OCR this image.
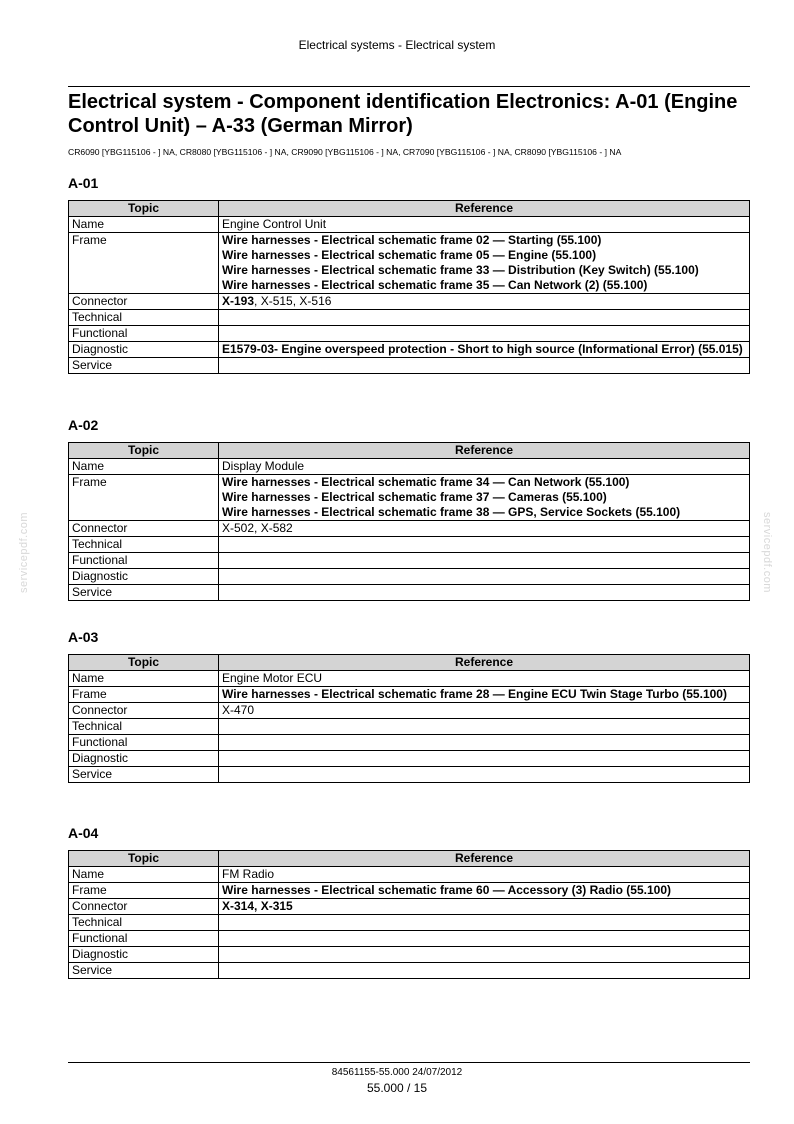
Electrical systems - Electrical system
Electrical system - Component identification Electronics: A-01 (Engine Control Unit) – A-33 (German Mirror)
CR6090 [YBG115106 - ] NA, CR8080 [YBG115106 - ] NA, CR9090 [YBG115106 - ] NA, CR7090 [YBG115106 - ] NA, CR8090 [YBG115106 - ] NA
A-01
Topic	Reference
Name	Engine Control Unit

Frame	Wire harnesses - Electrical schematic frame 02 — Starting (55.100)
Wire harnesses - Electrical schematic frame 05 — Engine (55.100)
Wire harnesses - Electrical schematic frame 33 — Distribution (Key Switch) (55.100)
Wire harnesses - Electrical schematic frame 35 — Can Network (2) (55.100)

Connector	X-193, X-515, X-516

Technical	
Functional	
Diagnostic	E1579-03- Engine overspeed protection - Short to high source (Informational Error) (55.015)

Service	
A-02
Topic	Reference
Name	Display Module

Frame	Wire harnesses - Electrical schematic frame 34 — Can Network (55.100)
Wire harnesses - Electrical schematic frame 37 — Cameras (55.100)
Wire harnesses - Electrical schematic frame 38 — GPS, Service Sockets (55.100)

Connector	X-502, X-582

Technical	
Functional	
Diagnostic	
Service	
A-03
Topic	Reference
Name	Engine Motor ECU

Frame	Wire harnesses - Electrical schematic frame 28 — Engine ECU Twin Stage Turbo (55.100)

Connector	X-470

Technical	
Functional	
Diagnostic	
Service	
A-04
Topic	Reference
Name	FM Radio

Frame	Wire harnesses - Electrical schematic frame 60 — Accessory (3) Radio (55.100)

Connector	X-314, X-315

Technical	
Functional	
Diagnostic	
Service	
servicepdf.com	servicepdf.com
84561155-55.000 24/07/2012
55.000 / 15
